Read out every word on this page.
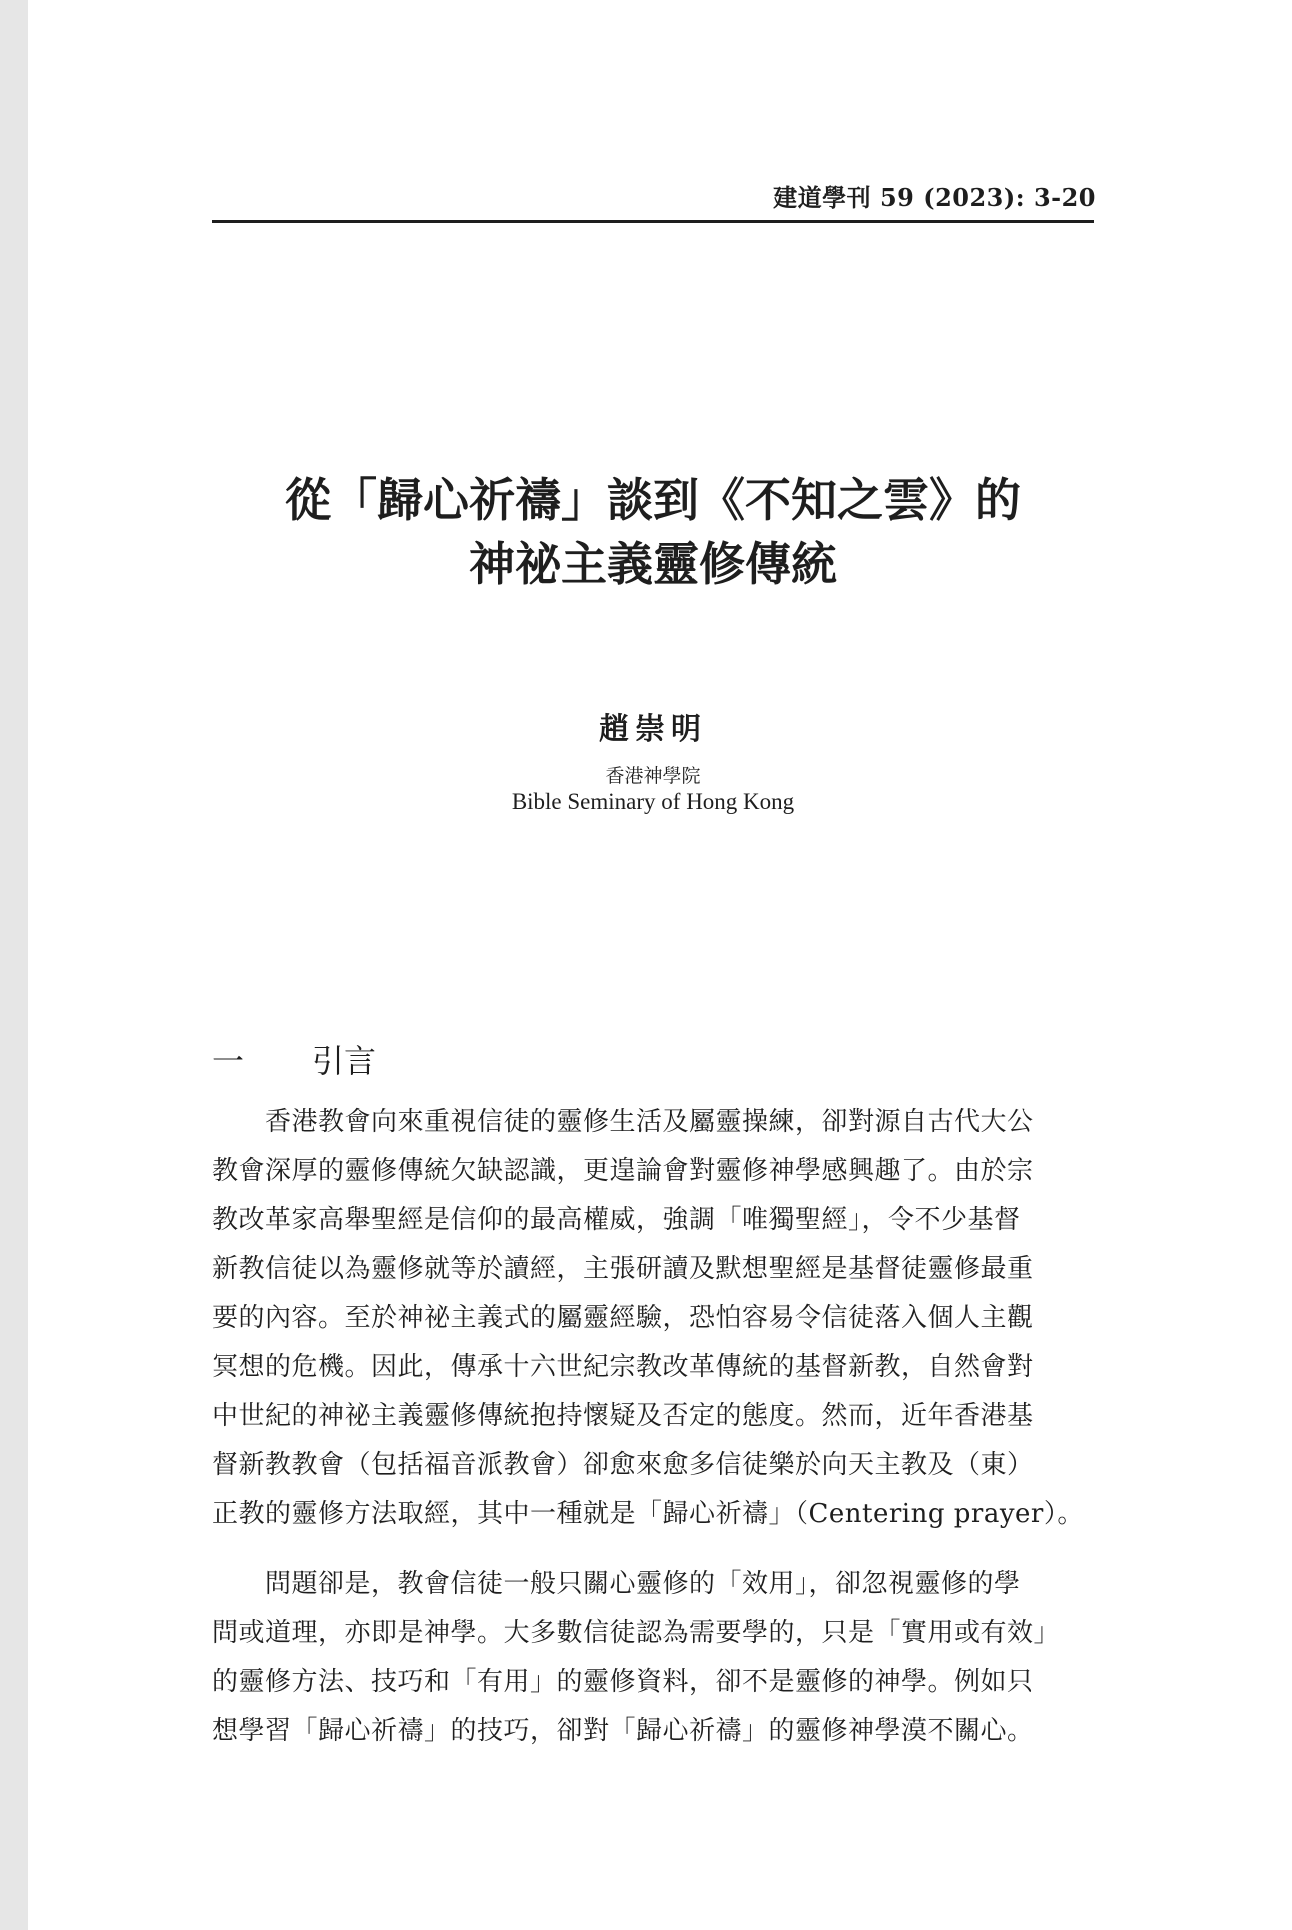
建道學刊 59 (2023): 3-20
從「歸心祈禱」談到《不知之雲》的
神祕主義靈修傳統
趙崇明
香港神學院
Bible Seminary of Hong Kong
一 引言
　　香港教會向來重視信徒的靈修生活及屬靈操練，卻對源自古代大公
教會深厚的靈修傳統欠缺認識，更遑論會對靈修神學感興趣了。由於宗
教改革家高舉聖經是信仰的最高權威，強調「唯獨聖經」，令不少基督
新教信徒以為靈修就等於讀經，主張研讀及默想聖經是基督徒靈修最重
要的內容。至於神祕主義式的屬靈經驗，恐怕容易令信徒落入個人主觀
冥想的危機。因此，傳承十六世紀宗教改革傳統的基督新教，自然會對
中世紀的神祕主義靈修傳統抱持懷疑及否定的態度。然而，近年香港基
督新教教會（包括福音派教會）卻愈來愈多信徒樂於向天主教及（東）
正教的靈修方法取經，其中一種就是「歸心祈禱」（Centering prayer）。
　　問題卻是，教會信徒一般只關心靈修的「效用」，卻忽視靈修的學
問或道理，亦即是神學。大多數信徒認為需要學的，只是「實用或有效」
的靈修方法、技巧和「有用」的靈修資料，卻不是靈修的神學。例如只
想學習「歸心祈禱」的技巧，卻對「歸心祈禱」的靈修神學漠不關心。
